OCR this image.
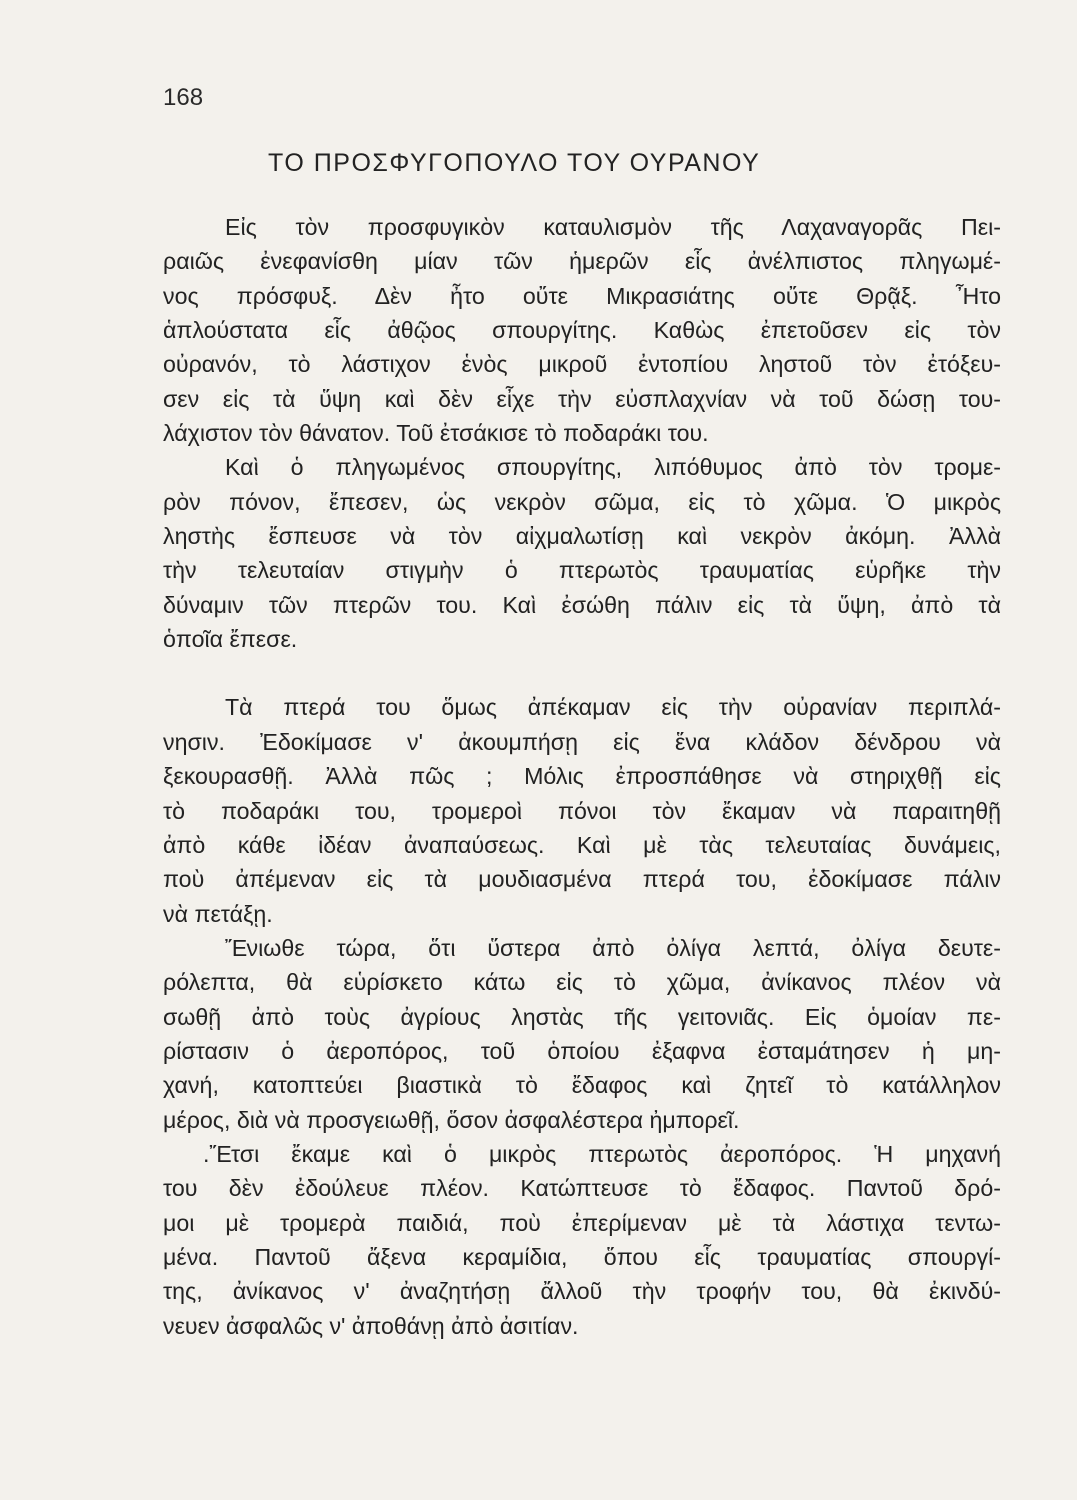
168

ΤΟ ΠΡΟΣΦΥΓΟΠΟΥΛΟ ΤΟΥ ΟΥΡΑΝΟΥ
Εἰς τὸν προσφυγικὸν καταυλισμὸν τῆς Λαχαναγορᾶς Πει-
ραιῶς ἐνεφανίσθη μίαν τῶν ἡμερῶν εἷς ἀνέλπιστος πληγωμέ-
νος πρόσφυξ. Δὲν ἦτο οὔτε Μικρασιάτης οὔτε Θρᾷξ. Ἦτο
ἁπλούστατα εἷς ἀθῷος σπουργίτης. Καθὼς ἐπετοῦσεν εἰς τὸν
οὐρανόν, τὸ λάστιχον ἑνὸς μικροῦ ἐντοπίου ληστοῦ τὸν ἐτόξευ-
σεν εἰς τὰ ὕψη καὶ δὲν εἶχε τὴν εὐσπλαχνίαν νὰ τοῦ δώσῃ του-
λάχιστον τὸν θάνατον. Τοῦ ἐτσάκισε τὸ ποδαράκι του.
Καὶ ὁ πληγωμένος σπουργίτης, λιπόθυμος ἀπὸ τὸν τρομε-
ρὸν πόνον, ἔπεσεν, ὡς νεκρὸν σῶμα, εἰς τὸ χῶμα. Ὁ μικρὸς
ληστὴς ἔσπευσε νὰ τὸν αἰχμαλωτίσῃ καὶ νεκρὸν ἀκόμη. Ἀλλὰ
τὴν τελευταίαν στιγμὴν ὁ πτερωτὸς τραυματίας εὑρῆκε τὴν
δύναμιν τῶν πτερῶν του. Καὶ ἐσώθη πάλιν εἰς τὰ ὕψη, ἀπὸ τὰ
ὁποῖα ἔπεσε.
Τὰ πτερά του ὅμως ἀπέκαμαν εἰς τὴν οὐρανίαν περιπλά-
νησιν. Ἐδοκίμασε ν' ἀκουμπήσῃ εἰς ἕνα κλάδον δένδρου νὰ
ξεκουρασθῇ. Ἀλλὰ πῶς ; Μόλις ἐπροσπάθησε νὰ στηριχθῇ εἰς
τὸ ποδαράκι του, τρομεροὶ πόνοι τὸν ἔκαμαν νὰ παραιτηθῇ
ἀπὸ κάθε ἰδέαν ἀναπαύσεως. Καὶ μὲ τὰς τελευταίας δυνάμεις,
ποὺ ἀπέμεναν εἰς τὰ μουδιασμένα πτερά του, ἐδοκίμασε πάλιν
νὰ πετάξῃ.
Ἔνιωθε τώρα, ὅτι ὕστερα ἀπὸ ὀλίγα λεπτά, ὀλίγα δευτε-
ρόλεπτα, θὰ εὑρίσκετο κάτω εἰς τὸ χῶμα, ἀνίκανος πλέον νὰ
σωθῇ ἀπὸ τοὺς ἀγρίους ληστὰς τῆς γειτονιᾶς. Εἰς ὁμοίαν πε-
ρίστασιν ὁ ἀεροπόρος, τοῦ ὁποίου ἐξαφνα ἐσταμάτησεν ἡ μη-
χανή, κατοπτεύει βιαστικὰ τὸ ἔδαφος καὶ ζητεῖ τὸ κατάλληλον
μέρος, διὰ νὰ προσγειωθῇ, ὅσον ἀσφαλέστερα ἠμπορεῖ.
.Ἔτσι ἔκαμε καὶ ὁ μικρὸς πτερωτὸς ἀεροπόρος. Ἡ μηχανή
του δὲν ἐδούλευε πλέον. Κατώπτευσε τὸ ἔδαφος. Παντοῦ δρό-
μοι μὲ τρομερὰ παιδιά, ποὺ ἐπερίμεναν μὲ τὰ λάστιχα τεντω-
μένα. Παντοῦ ἄξενα κεραμίδια, ὅπου εἷς τραυματίας σπουργί-
της, ἀνίκανος ν' ἀναζητήσῃ ἄλλοῦ τὴν τροφήν του, θὰ ἐκινδύ-
νευεν ἀσφαλῶς ν' ἀποθάνῃ ἀπὸ ἀσιτίαν.
